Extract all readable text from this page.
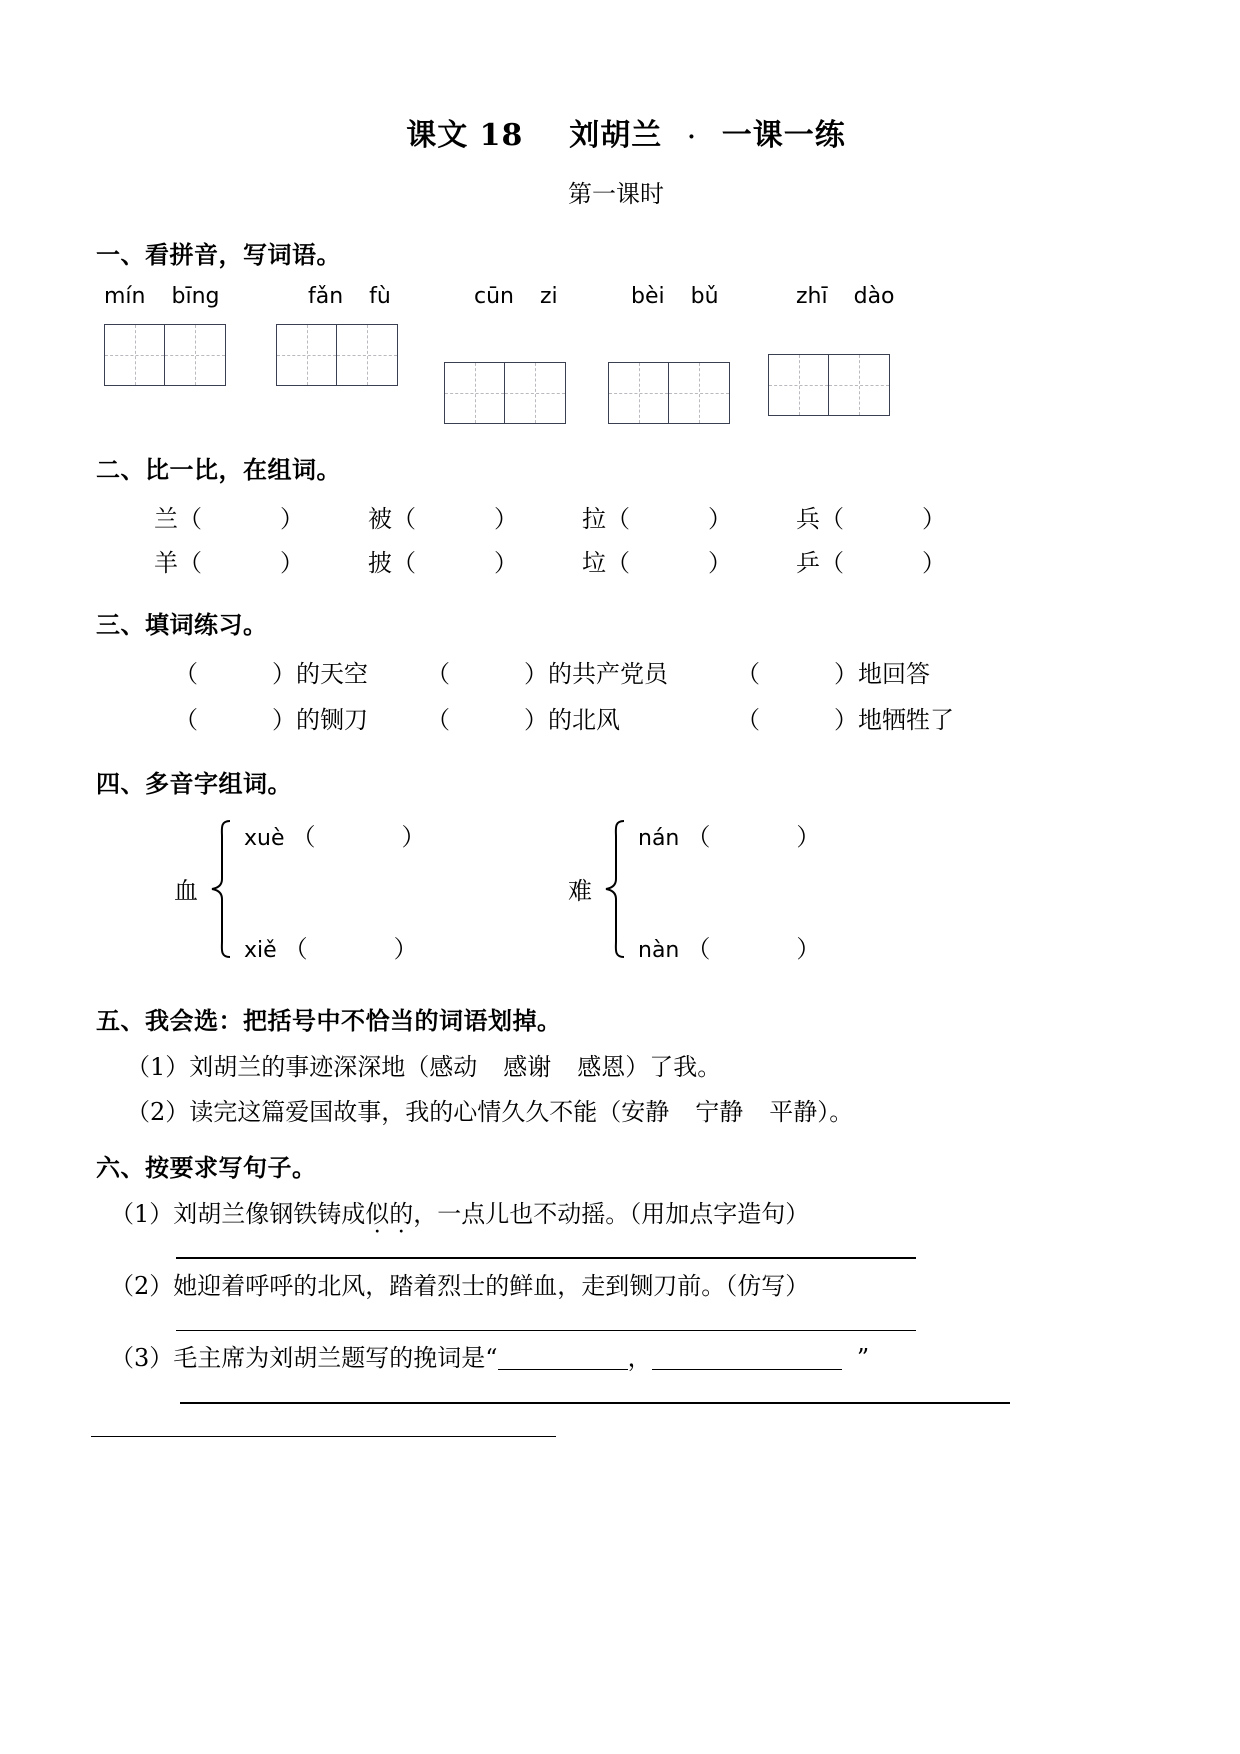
课文 18 刘胡兰 · 一课一练
第一课时
一、看拼音，写词语。
mín bīng	fǎn fù	cūn zi	bèi bǔ	zhī dào
二、比一比，在组词。
兰（	）	被（	）	拉（	）	兵（	）
羊（	）	披（	）	垃（	）	乒（	）
三、填词练习。
（	）的天空 （	）的共产党员	（	）地回答
（	）的铡刀 （	）的北风	（	）地牺牲了
四、多音字组词。
血
xuè （	）
xiě （	）
难
nán （	）
nàn （	）
五、我会选：把括号中不恰当的词语划掉。
（1）刘胡兰的事迹深深地（感动 感谢 感恩）了我。
（2）读完这篇爱国故事，我的心情久久不能（安静 宁静 平静）。
六、按要求写句子。
（1）刘胡兰像钢铁铸成似的，一点儿也不动摇。（用加点字造句）
（2）她迎着呼呼的北风，踏着烈士的鲜血，走到铡刀前。（仿写）
（3）毛主席为刘胡兰题写的挽词是“	，	”
